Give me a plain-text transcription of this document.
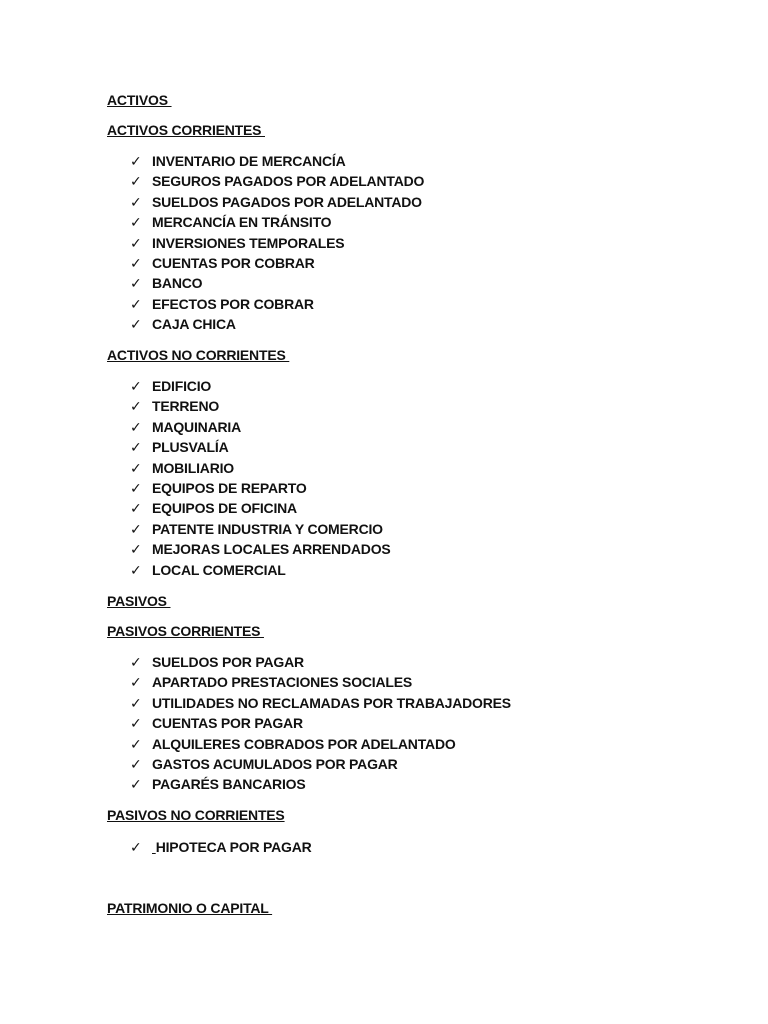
ACTIVOS

ACTIVOS CORRIENTES

✓ INVENTARIO DE MERCANCÍA
✓ SEGUROS PAGADOS POR ADELANTADO
✓ SUELDOS PAGADOS POR ADELANTADO
✓ MERCANCÍA EN TRÁNSITO
✓ INVERSIONES TEMPORALES
✓ CUENTAS POR COBRAR
✓ BANCO
✓ EFECTOS POR COBRAR
✓ CAJA CHICA

ACTIVOS NO CORRIENTES

✓ EDIFICIO
✓ TERRENO
✓ MAQUINARIA
✓ PLUSVALÍA
✓ MOBILIARIO
✓ EQUIPOS DE REPARTO
✓ EQUIPOS DE OFICINA
✓ PATENTE INDUSTRIA Y COMERCIO
✓ MEJORAS LOCALES ARRENDADOS
✓ LOCAL COMERCIAL

PASIVOS

PASIVOS CORRIENTES

✓ SUELDOS POR PAGAR
✓ APARTADO PRESTACIONES SOCIALES
✓ UTILIDADES NO RECLAMADAS POR TRABAJADORES
✓ CUENTAS POR PAGAR
✓ ALQUILERES COBRADOS POR ADELANTADO
✓ GASTOS ACUMULADOS POR PAGAR
✓ PAGARÉS BANCARIOS

PASIVOS NO CORRIENTES

✓	HIPOTECA POR PAGAR

PATRIMONIO O CAPITAL
